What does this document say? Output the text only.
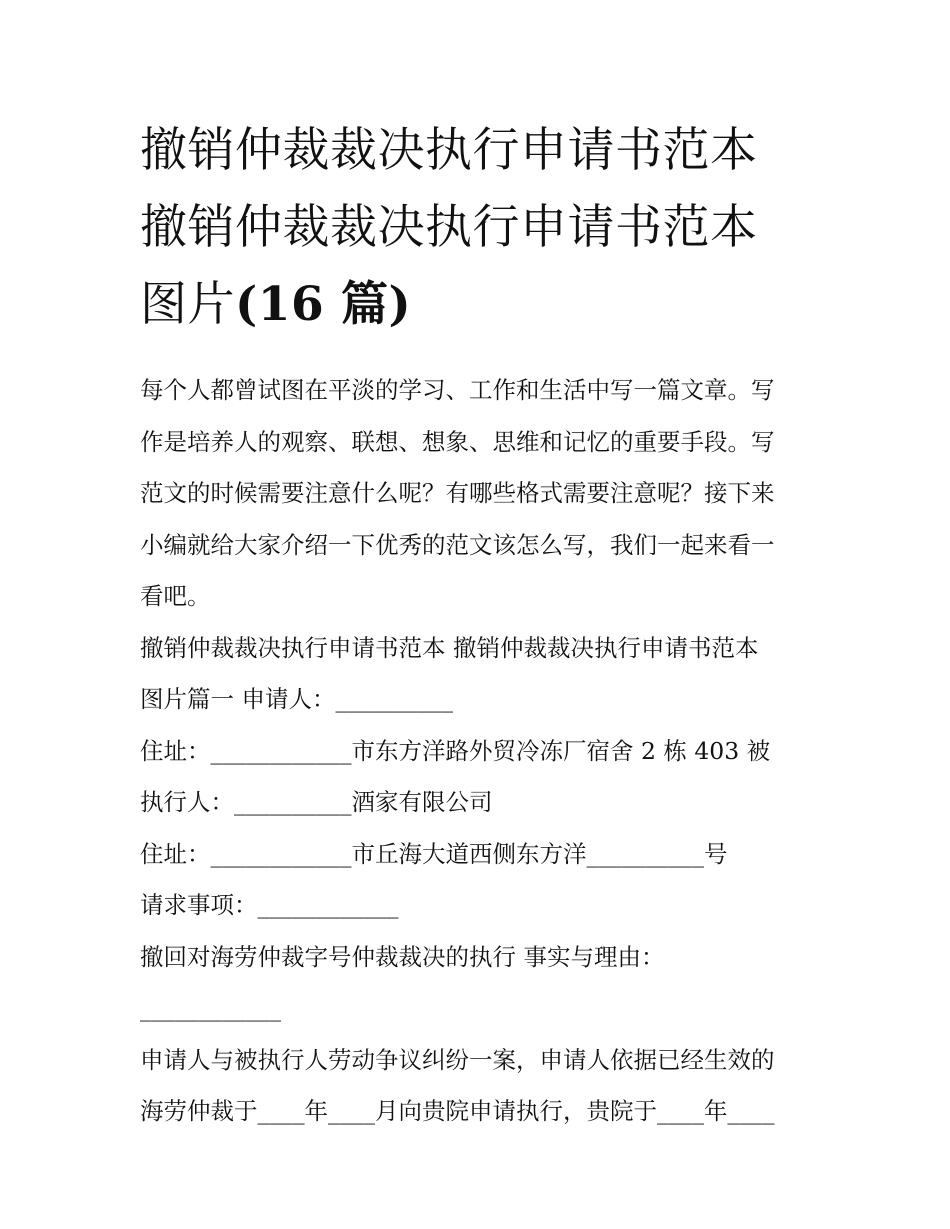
撤销仲裁裁决执行申请书范本
撤销仲裁裁决执行申请书范本
图片(16 篇)

每个人都曾试图在平淡的学习、工作和生活中写一篇文章。写
作是培养人的观察、联想、想象、思维和记忆的重要手段。写
范文的时候需要注意什么呢？有哪些格式需要注意呢？接下来
小编就给大家介绍一下优秀的范文该怎么写，我们一起来看一
看吧。

撤销仲裁裁决执行申请书范本 撤销仲裁裁决执行申请书范本
图片篇一 申请人：__________

住址：____________市东方洋路外贸冷冻厂宿舍 2 栋 403 被
执行人：__________酒家有限公司

住址：____________市丘海大道西侧东方洋__________号

请求事项：____________

撤回对海劳仲裁字号仲裁裁决的执行 事实与理由：
____________

申请人与被执行人劳动争议纠纷一案，申请人依据已经生效的
海劳仲裁于____年____月向贵院申请执行，贵院于____年____
